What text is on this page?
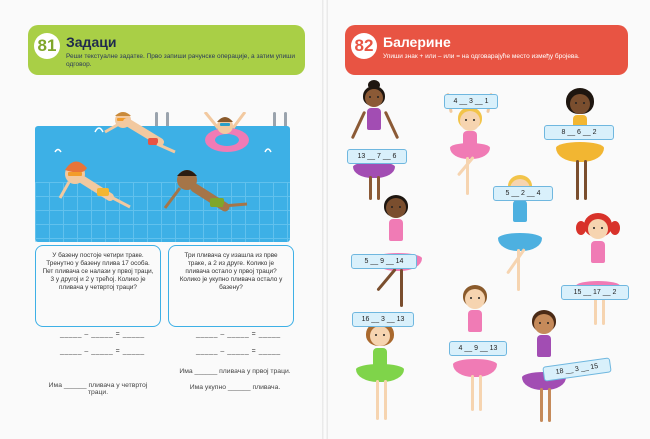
81 Задаци
Реши текстуалне задатке. Прво запиши рачунске операције, а затим упиши одговор.
У базену постоје четири траке. Тренутно у базену плива 17 особа. Пет пливача се налази у првој траци, 3 у другој и 2 у трећој. Колико је пливача у четвртој траци?
Три пливача су изашла из прве траке, а 2 из друге. Колико је пливача остало у првој траци? Колико је укупно пливача остало у базену?
_____ – _____ = _____
_____ – _____ = _____
_____ – _____ = _____
_____ – _____ = _____
Има ______ пливачa у четвртој траци.
Има ______ пливача у првој траци.
Има укупно ______ пливача.
82 Балерине
Упиши знак + или – или = на одговарајуће место између бројева.
4 __ 3 __ 1
13 __ 7 __ 6
8 __ 6 __ 2
5 __ 2 __ 4
5 __ 9 __ 14
15 __ 17 __ 2
16 __ 3 __ 13
4 __ 9 __ 13
18 __ 3 __ 15
